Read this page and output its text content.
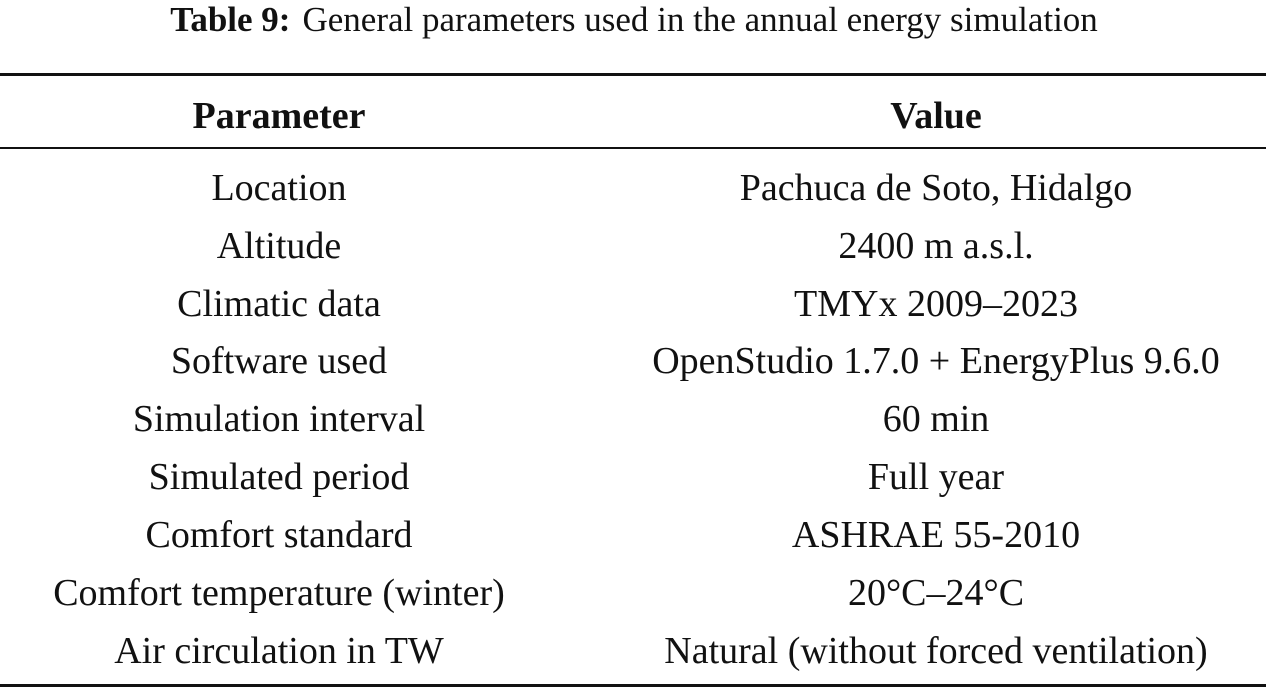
Table 9: General parameters used in the annual energy simulation
Parameter	Value
Location	Pachuca de Soto, Hidalgo
Altitude	2400 m a.s.l.
Climatic data	TMYx 2009–2023
Software used	OpenStudio 1.7.0 + EnergyPlus 9.6.0
Simulation interval	60 min
Simulated period	Full year
Comfort standard	ASHRAE 55-2010
Comfort temperature (winter)	20°C–24°C
Air circulation in TW	Natural (without forced ventilation)
